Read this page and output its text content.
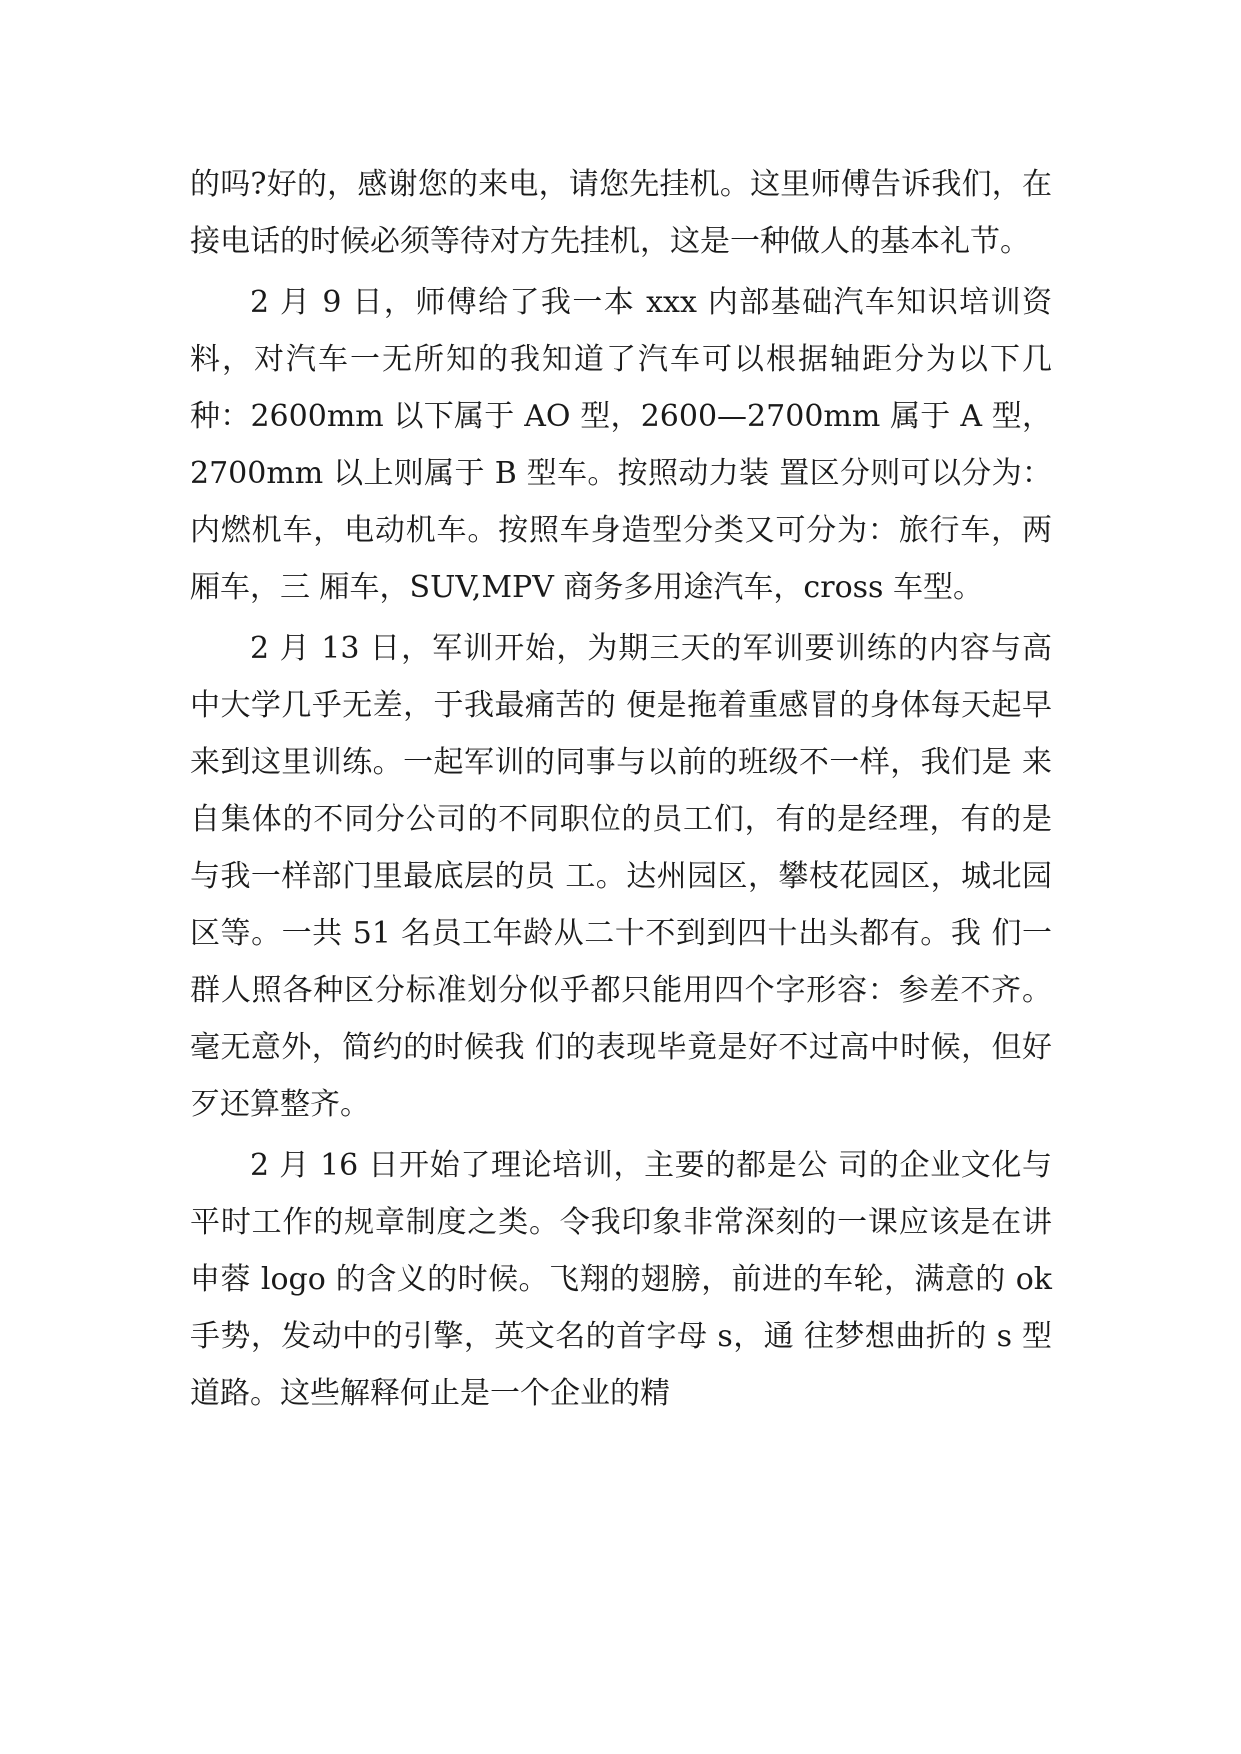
的吗?好的，感谢您的来电，请您先挂机。这里师傅告诉我们，在接电话的时候必须等待对方先挂机，这是一种做人的基本礼节。

2 月 9 日，师傅给了我一本 xxx 内部基础汽车知识培训资料，对汽车一无所知的我知道了汽车可以根据轴距分为以下几种：2600mm 以下属于 AO 型，2600—2700mm 属于 A 型，2700mm 以上则属于 B 型车。按照动力装 置区分则可以分为：内燃机车，电动机车。按照车身造型分类又可分为：旅行车，两厢车，三 厢车，SUV,MPV 商务多用途汽车，cross 车型。

2 月 13 日，军训开始，为期三天的军训要训练的内容与高中大学几乎无差，于我最痛苦的 便是拖着重感冒的身体每天起早来到这里训练。一起军训的同事与以前的班级不一样，我们是 来自集体的不同分公司的不同职位的员工们，有的是经理，有的是与我一样部门里最底层的员 工。达州园区，攀枝花园区，城北园区等。一共 51 名员工年龄从二十不到到四十出头都有。我 们一群人照各种区分标准划分似乎都只能用四个字形容：参差不齐。毫无意外，简约的时候我 们的表现毕竟是好不过高中时候，但好歹还算整齐。

2 月 16 日开始了理论培训，主要的都是公 司的企业文化与平时工作的规章制度之类。令我印象非常深刻的一课应该是在讲申蓉 logo 的含义的时候。飞翔的翅膀，前进的车轮，满意的 ok 手势，发动中的引擎，英文名的首字母 s，通 往梦想曲折的 s 型道路。这些解释何止是一个企业的精
